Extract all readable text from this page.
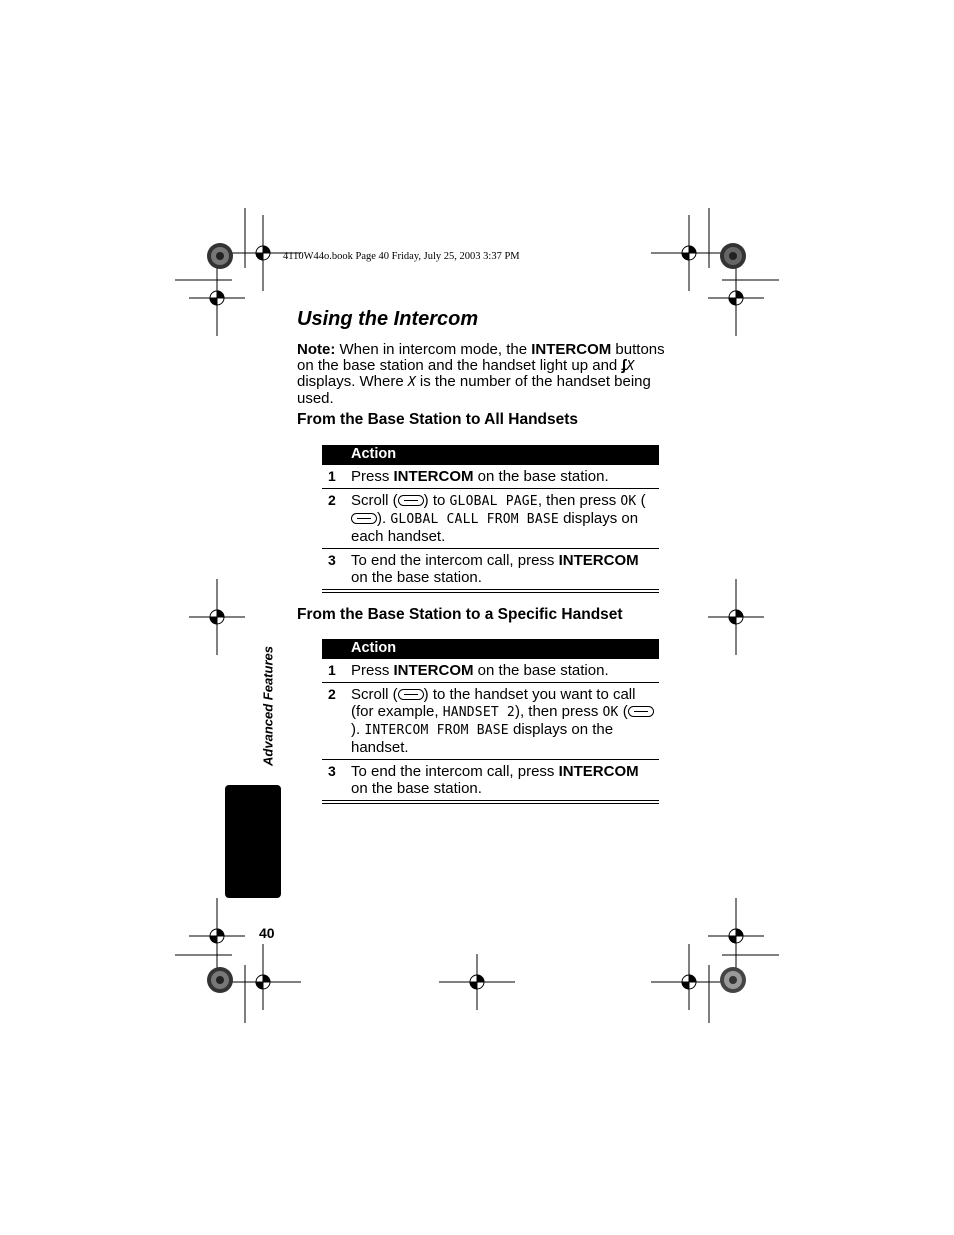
4110W44o.book Page 40 Friday, July 25, 2003 3:37 PM
Using the Intercom
Note: When in intercom mode, the INTERCOM buttons on the base station and the handset light up and ʄX displays. Where X is the number of the handset being used.
From the Base Station to All Handsets
Action
1 Press INTERCOM on the base station.
2 Scroll ( ) to GLOBAL PAGE, then press OK (). GLOBAL CALL FROM BASE displays on each handset.
3 To end the intercom call, press INTERCOM on the base station.
From the Base Station to a Specific Handset
Action
1 Press INTERCOM on the base station.
2 Scroll ( ) to the handset you want to call (for example, HANDSET 2), then press OK (). INTERCOM FROM BASE displays on the handset.
3 To end the intercom call, press INTERCOM on the base station.
Advanced Features
40
